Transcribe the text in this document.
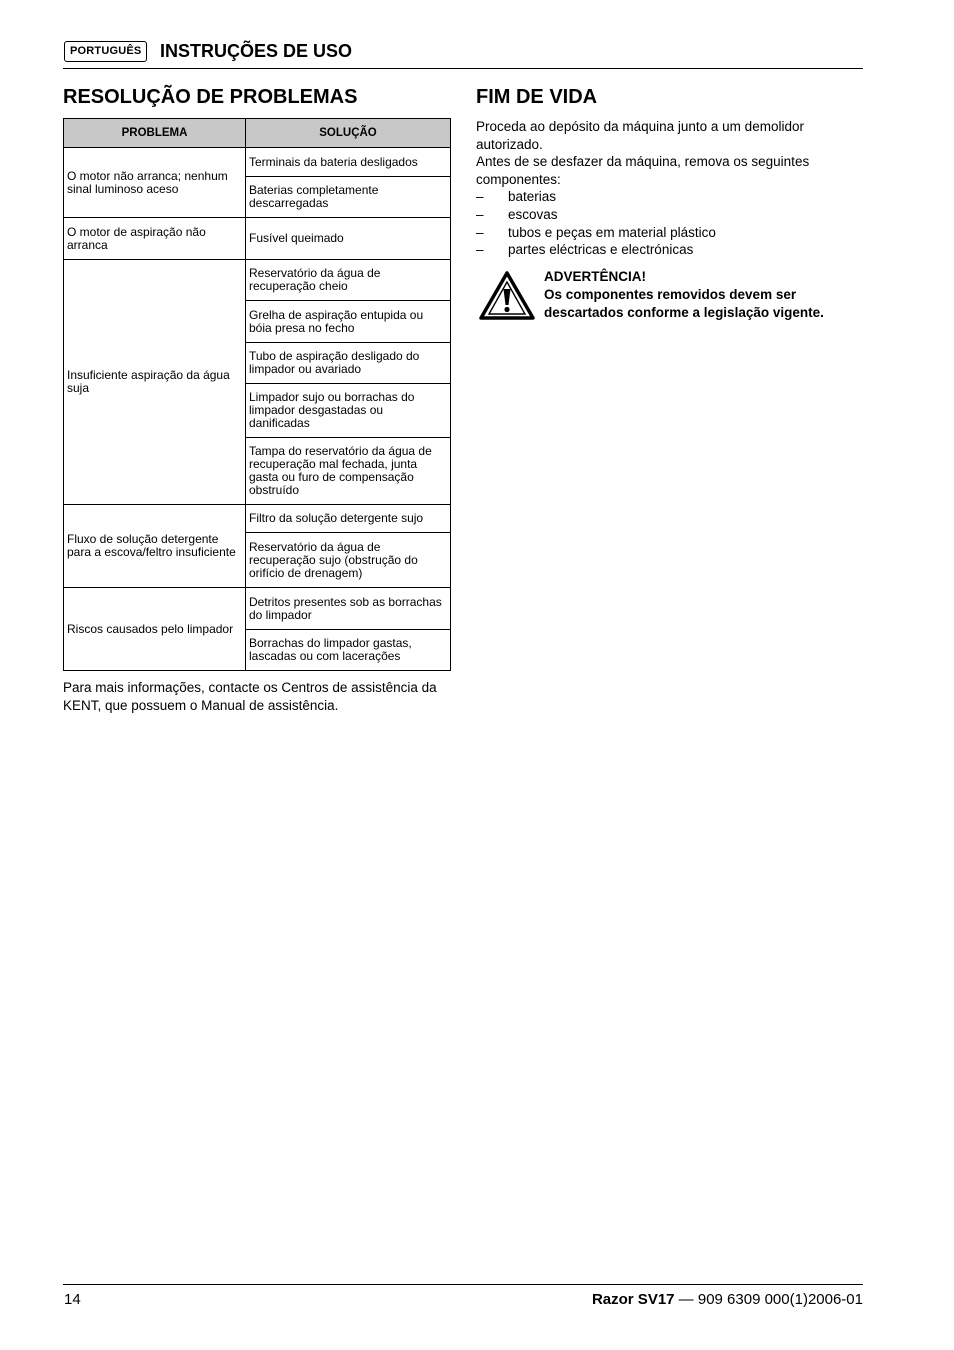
PORTUGUÊS	INSTRUÇÕES DE USO
RESOLUÇÃO DE PROBLEMAS
PROBLEMA	SOLUÇÃO
O motor não arranca; nenhum sinal luminoso aceso	Terminais da bateria desligados
	Baterias completamente descarregadas
O motor de aspiração não arranca	Fusível queimado
Insuficiente aspiração da água suja	Reservatório da água de recuperação cheio
	Grelha de aspiração entupida ou bóia presa no fecho
	Tubo de aspiração desligado do limpador ou avariado
	Limpador sujo ou borrachas do limpador desgastadas ou danificadas
	Tampa do reservatório da água de recuperação mal fechada, junta gasta ou furo de compensação obstruído
Fluxo de solução detergente para a escova/feltro insuficiente	Filtro da solução detergente sujo
	Reservatório da água de recuperação sujo (obstrução do orifício de drenagem)
Riscos causados pelo limpador	Detritos presentes sob as borrachas do limpador
	Borrachas do limpador gastas, lascadas ou com lacerações
Para mais informações, contacte os Centros de assistência da KENT, que possuem o Manual de assistência.
FIM DE VIDA

Proceda ao depósito da máquina junto a um demolidor autorizado.

Antes de se desfazer da máquina, remova os seguintes componentes:

– baterias
– escovas
– tubos e peças em material plástico
– partes eléctricas e electrónicas
ADVERTÊNCIA!
Os componentes removidos devem ser descartados conforme a legislação vigente.
14	Razor SV17 — 909 6309 000(1)2006-01
